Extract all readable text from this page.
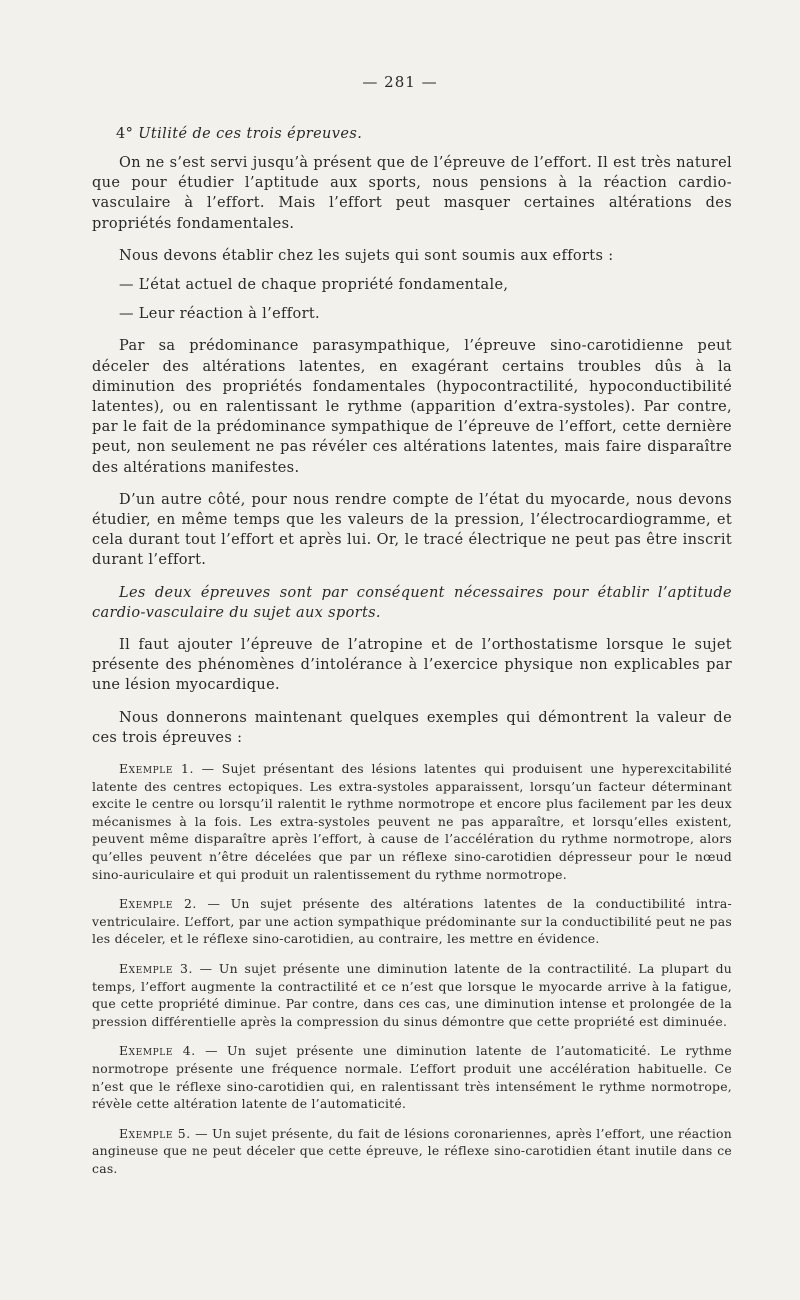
— 281 —
4° Utilité de ces trois épreuves.

On ne s’est servi jusqu’à présent que de l’épreuve de l’effort. Il est très naturel que pour étudier l’aptitude aux sports, nous pensions à la réaction cardio-vasculaire à l’effort. Mais l’effort peut masquer certaines altérations des propriétés fondamentales.

Nous devons établir chez les sujets qui sont soumis aux efforts :

— L’état actuel de chaque propriété fondamentale,

— Leur réaction à l’effort.

Par sa prédominance parasympathique, l’épreuve sino-carotidienne peut déceler des altérations latentes, en exagérant certains troubles dûs à la diminution des propriétés fondamentales (hypocontractilité, hypoconductibilité latentes), ou en ralentissant le rythme (apparition d’extra-systoles). Par contre, par le fait de la prédominance sympathique de l’épreuve de l’effort, cette dernière peut, non seulement ne pas révéler ces altérations latentes, mais faire disparaître des altérations manifestes.

D’un autre côté, pour nous rendre compte de l’état du myocarde, nous devons étudier, en même temps que les valeurs de la pression, l’électrocardiogramme, et cela durant tout l’effort et après lui. Or, le tracé électrique ne peut pas être inscrit durant l’effort.

Les deux épreuves sont par conséquent nécessaires pour établir l’aptitude cardio-vasculaire du sujet aux sports.

Il faut ajouter l’épreuve de l’atropine et de l’orthostatisme lorsque le sujet présente des phénomènes d’intolérance à l’exercice physique non explicables par une lésion myocardique.

Nous donnerons maintenant quelques exemples qui démontrent la valeur de ces trois épreuves :

Exemple 1. — Sujet présentant des lésions latentes qui produisent une hyperexcitabilité latente des centres ectopiques. Les extra-systoles apparaissent, lorsqu’un facteur déterminant excite le centre ou lorsqu’il ralentit le rythme normotrope et encore plus facilement par les deux mécanismes à la fois. Les extra-systoles peuvent ne pas apparaître, et lorsqu’elles existent, peuvent même disparaître après l’effort, à cause de l’accélération du rythme normotrope, alors qu’elles peuvent n’être décelées que par un réflexe sino-carotidien dépresseur pour le nœud sino-auriculaire et qui produit un ralentissement du rythme normotrope.

Exemple 2. — Un sujet présente des altérations latentes de la conductibilité intra-ventriculaire. L’effort, par une action sympathique prédominante sur la conductibilité peut ne pas les déceler, et le réflexe sino-carotidien, au contraire, les mettre en évidence.

Exemple 3. — Un sujet présente une diminution latente de la contractilité. La plupart du temps, l’effort augmente la contractilité et ce n’est que lorsque le myocarde arrive à la fatigue, que cette propriété diminue. Par contre, dans ces cas, une diminution intense et prolongée de la pression différentielle après la compression du sinus démontre que cette propriété est diminuée.

Exemple 4. — Un sujet présente une diminution latente de l’automaticité. Le rythme normotrope présente une fréquence normale. L’effort produit une accélération habituelle. Ce n’est que le réflexe sino-carotidien qui, en ralentissant très intensément le rythme normotrope, révèle cette altération latente de l’automaticité.

Exemple 5. — Un sujet présente, du fait de lésions coronariennes, après l’effort, une réaction angineuse que ne peut déceler que cette épreuve, le réflexe sino-carotidien étant inutile dans ce cas.
